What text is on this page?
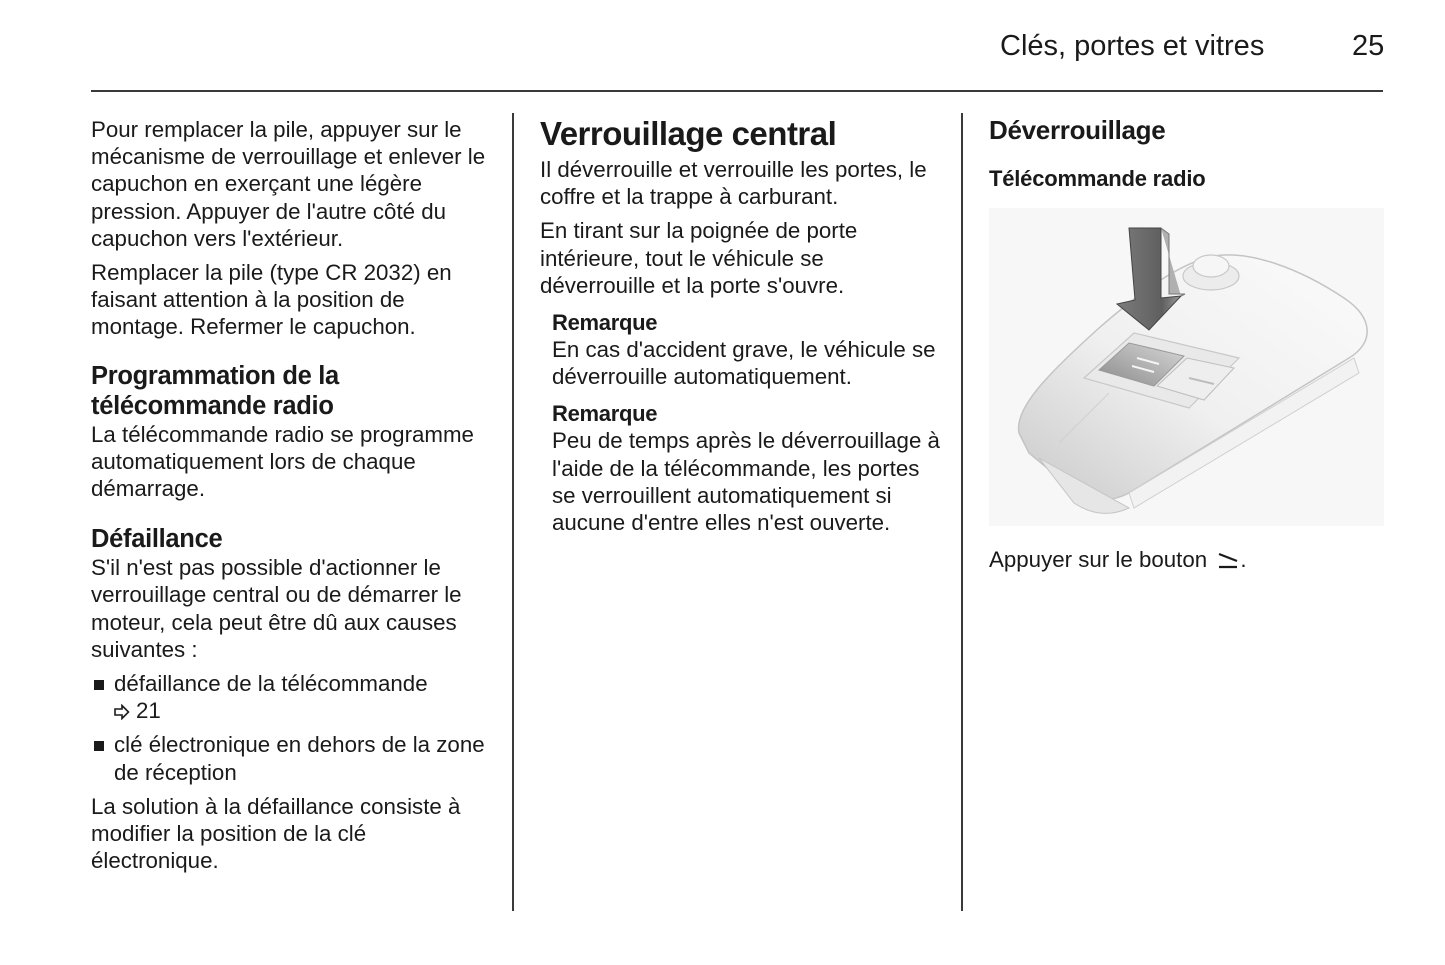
Clés, portes et vitres	25

Pour remplacer la pile, appuyer sur le mécanisme de verrouillage et enlever le capuchon en exerçant une légère pression. Appuyer de l'autre côté du capuchon vers l'extérieur.

Remplacer la pile (type CR 2032) en faisant attention à la position de montage. Refermer le capuchon.

Programmation de la
télécommande radio

La télécommande radio se programme automatiquement lors de chaque démarrage.

Défaillance

S'il n'est pas possible d'actionner le verrouillage central ou de démarrer le moteur, cela peut être dû aux causes suivantes :

défaillance de la télécommande
21
clé électronique en dehors de la zone de réception

La solution à la défaillance consiste à modifier la position de la clé électronique.

Verrouillage central

Il déverrouille et verrouille les portes, le coffre et la trappe à carburant.

En tirant sur la poignée de porte intérieure, tout le véhicule se déverrouille et la porte s'ouvre.

Remarque

En cas d'accident grave, le véhicule se déverrouille automatiquement.

Remarque

Peu de temps après le déverrouillage à l'aide de la télécommande, les portes se verrouillent automatiquement si aucune d'entre elles n'est ouverte.

Déverrouillage
Télécommande radio

Appuyer sur le bouton .
